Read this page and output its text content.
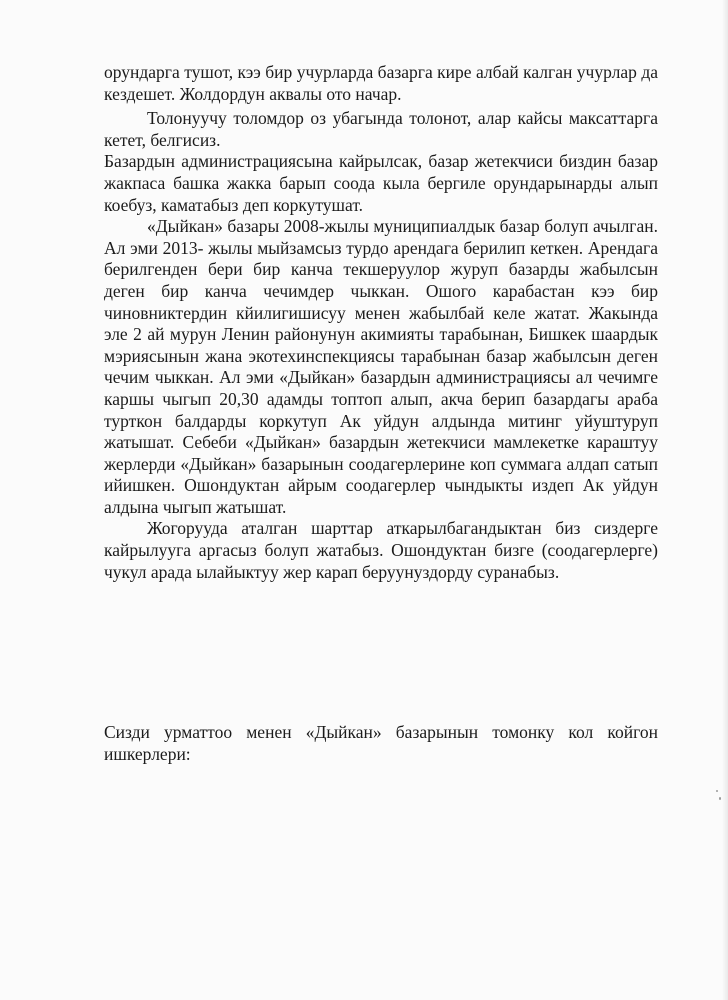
орундарга тушот, кээ бир учурларда базарга кире албай калган учурлар да кездешет. Жолдордун аквалы ото начар.

Толонуучу толомдор оз убагында толонот, алар кайсы максаттарга кетет, белгисиз.

Базардын администрациясына кайрылсак, базар жетекчиси биздин базар жакпаса башка жакка барып соода кыла бергиле орундарынарды алып коебуз, каматабыз деп коркутушат.

«Дыйкан» базары 2008-жылы муниципиалдык базар болуп ачылган. Ал эми 2013- жылы мыйзамсыз турдо арендага берилип кеткен. Арендага берилгенден бери бир канча текшеруулор журуп базарды жабылсын деген бир канча чечимдер чыккан. Ошого карабастан кээ бир чиновниктердин кйилигишисуу менен жабылбай келе жатат. Жакында эле 2 ай мурун Ленин районунун акимияты тарабынан, Бишкек шаардык мэриясынын жана экотехинспекциясы тарабынан базар жабылсын деген чечим чыккан. Ал эми «Дыйкан» базардын администрациясы ал чечимге каршы чыгып 20,30 адамды топтоп алып, акча берип базардагы араба турткон балдарды коркутуп Ак уйдун алдында митинг уйуштуруп жатышат. Себеби «Дыйкан» базардын жетекчиси мамлекетке караштуу жерлерди «Дыйкан» базарынын соодагерлерине коп суммага алдап сатып ийишкен. Ошондуктан айрым соодагерлер чындыкты издеп Ак уйдун алдына чыгып жатышат.

Жогорууда аталган шарттар аткарылбагандыктан биз сиздерге кайрылууга аргасыз болуп жатабыз. Ошондуктан бизге (соодагерлерге) чукул арада ылайыктуу жер карап беруунуздорду суранабыз.

Сизди урматтоо менен «Дыйкан» базарынын томонку кол койгон ишкерлери:
